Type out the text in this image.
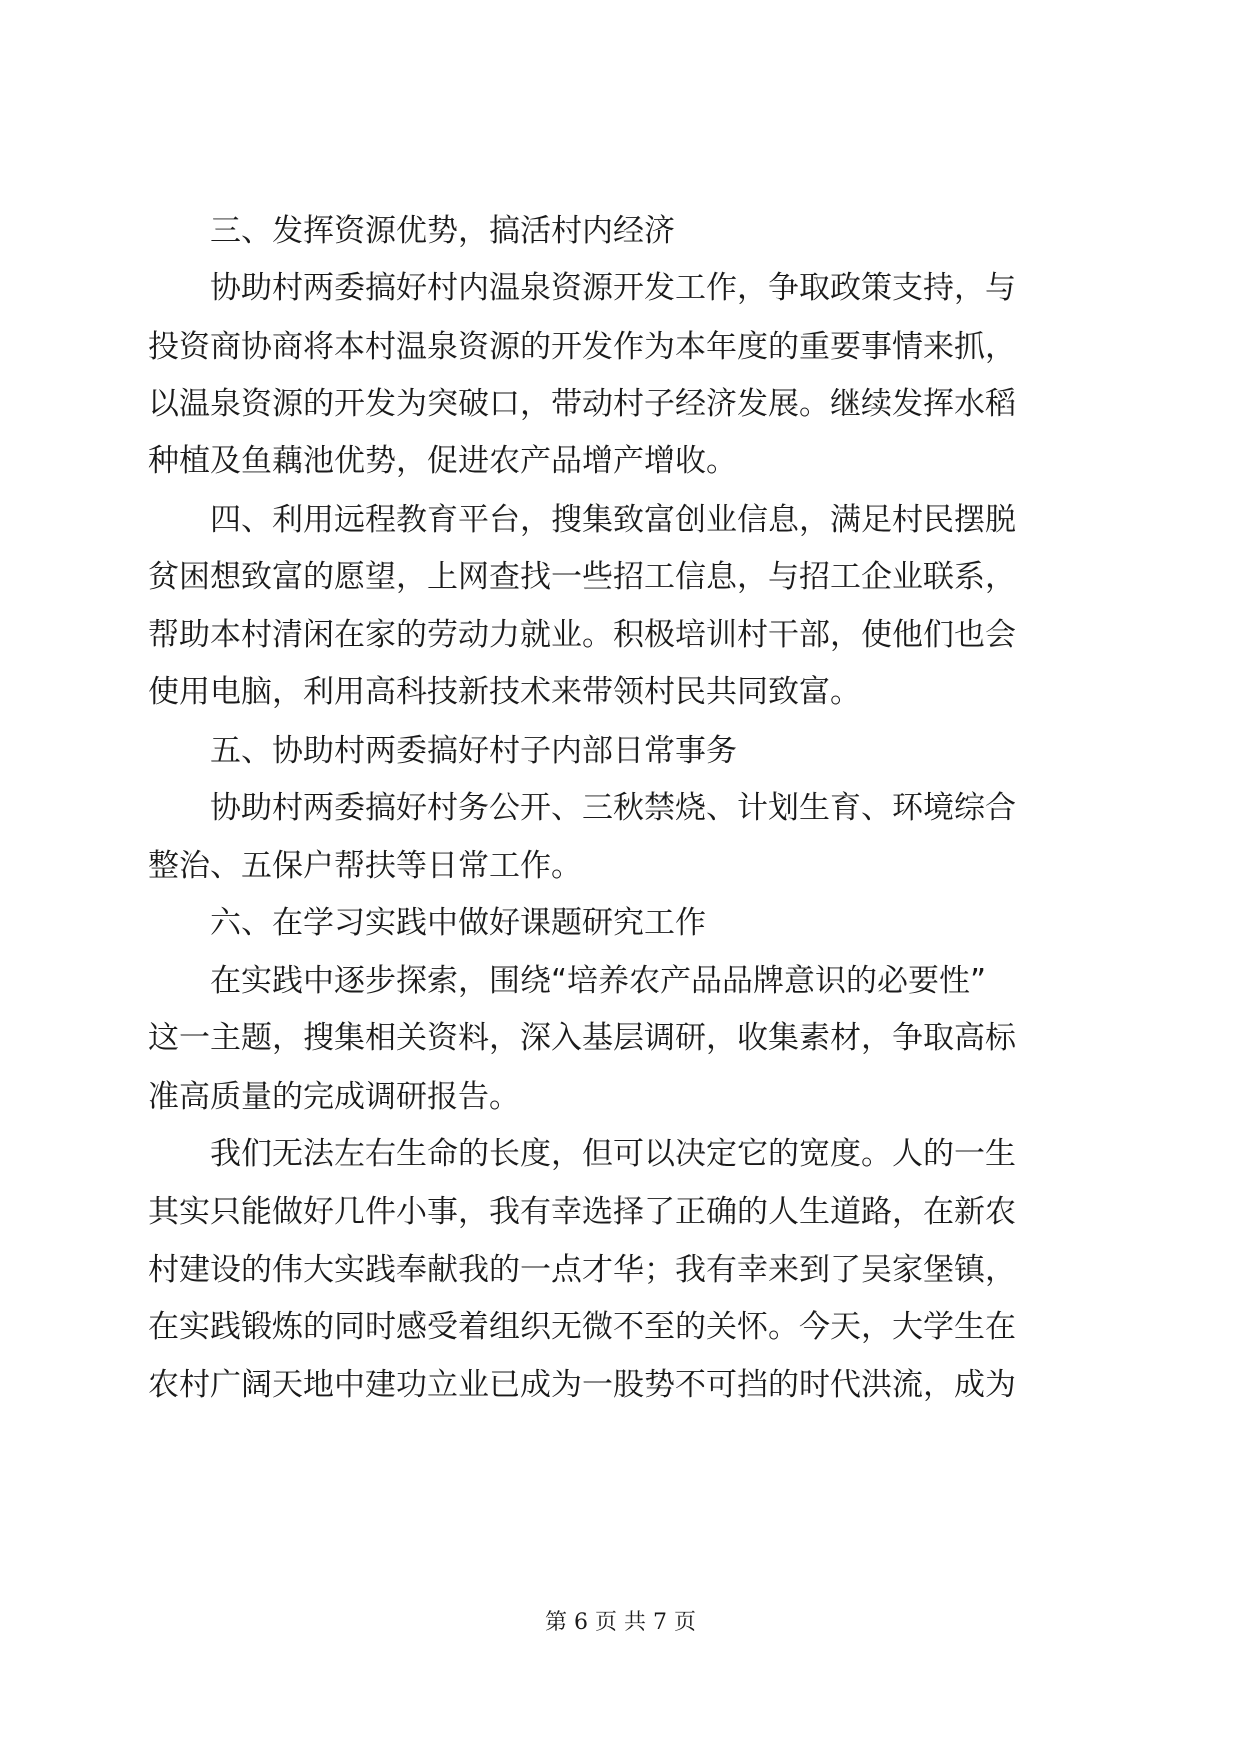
三、发挥资源优势，搞活村内经济
协助村两委搞好村内温泉资源开发工作，争取政策支持，与
投资商协商将本村温泉资源的开发作为本年度的重要事情来抓，
以温泉资源的开发为突破口，带动村子经济发展。继续发挥水稻
种植及鱼藕池优势，促进农产品增产增收。
四、利用远程教育平台，搜集致富创业信息，满足村民摆脱
贫困想致富的愿望，上网查找一些招工信息，与招工企业联系，
帮助本村清闲在家的劳动力就业。积极培训村干部，使他们也会
使用电脑，利用高科技新技术来带领村民共同致富。
五、协助村两委搞好村子内部日常事务
协助村两委搞好村务公开、三秋禁烧、计划生育、环境综合
整治、五保户帮扶等日常工作。
六、在学习实践中做好课题研究工作
在实践中逐步探索，围绕“培养农产品品牌意识的必要性”
这一主题，搜集相关资料，深入基层调研，收集素材，争取高标
准高质量的完成调研报告。
我们无法左右生命的长度，但可以决定它的宽度。人的一生
其实只能做好几件小事，我有幸选择了正确的人生道路，在新农
村建设的伟大实践奉献我的一点才华；我有幸来到了吴家堡镇，
在实践锻炼的同时感受着组织无微不至的关怀。今天，大学生在
农村广阔天地中建功立业已成为一股势不可挡的时代洪流，成为
第 6 页 共 7 页
